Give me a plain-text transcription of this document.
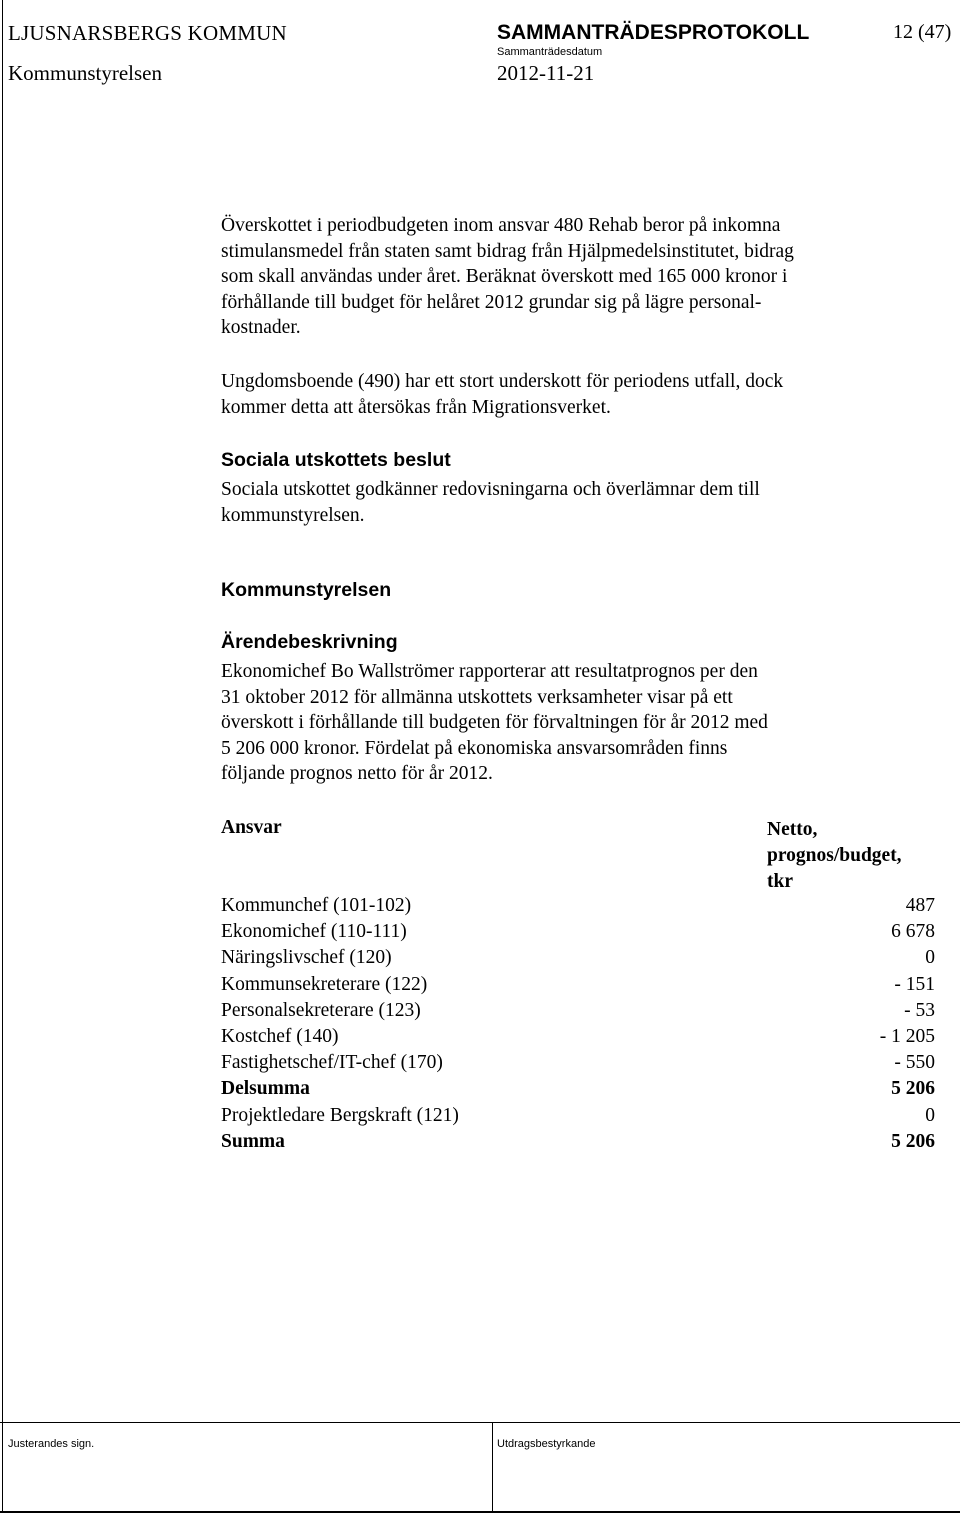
LJUSNARSBERGS KOMMUN	SAMMANTRÄDESPROTOKOLL	12 (47)
Sammanträdesdatum
Kommunstyrelsen	2012-11-21
Överskottet i periodbudgeten inom ansvar 480 Rehab beror på inkomna
stimulansmedel från staten samt bidrag från Hjälpmedelsinstitutet, bidrag
som skall användas under året. Beräknat överskott med 165 000 kronor i
förhållande till budget för helåret 2012 grundar sig på lägre personal-
kostnader.
Ungdomsboende (490) har ett stort underskott för periodens utfall, dock
kommer detta att återsökas från Migrationsverket.
Sociala utskottets beslut
Sociala utskottet godkänner redovisningarna och överlämnar dem till
kommunstyrelsen.
Kommunstyrelsen
Ärendebeskrivning
Ekonomichef Bo Wallströmer rapporterar att resultatprognos per den
31 oktober 2012 för allmänna utskottets verksamheter visar på ett
överskott i förhållande till budgeten för förvaltningen för år 2012 med
5 206 000 kronor. Fördelat på ekonomiska ansvarsområden finns
följande prognos netto för år 2012.
Ansvar	Netto,
prognos/budget,
tkr
Kommunchef (101-102)	487
Ekonomichef (110-111)	6 678
Näringslivschef (120)	0
Kommunsekreterare (122)	- 151
Personalsekreterare (123)	- 53
Kostchef (140)	- 1 205
Fastighetschef/IT-chef (170)	- 550
Delsumma	5 206
Projektledare Bergskraft (121)	0
Summa	5 206
Justerandes sign.	Utdragsbestyrkande
